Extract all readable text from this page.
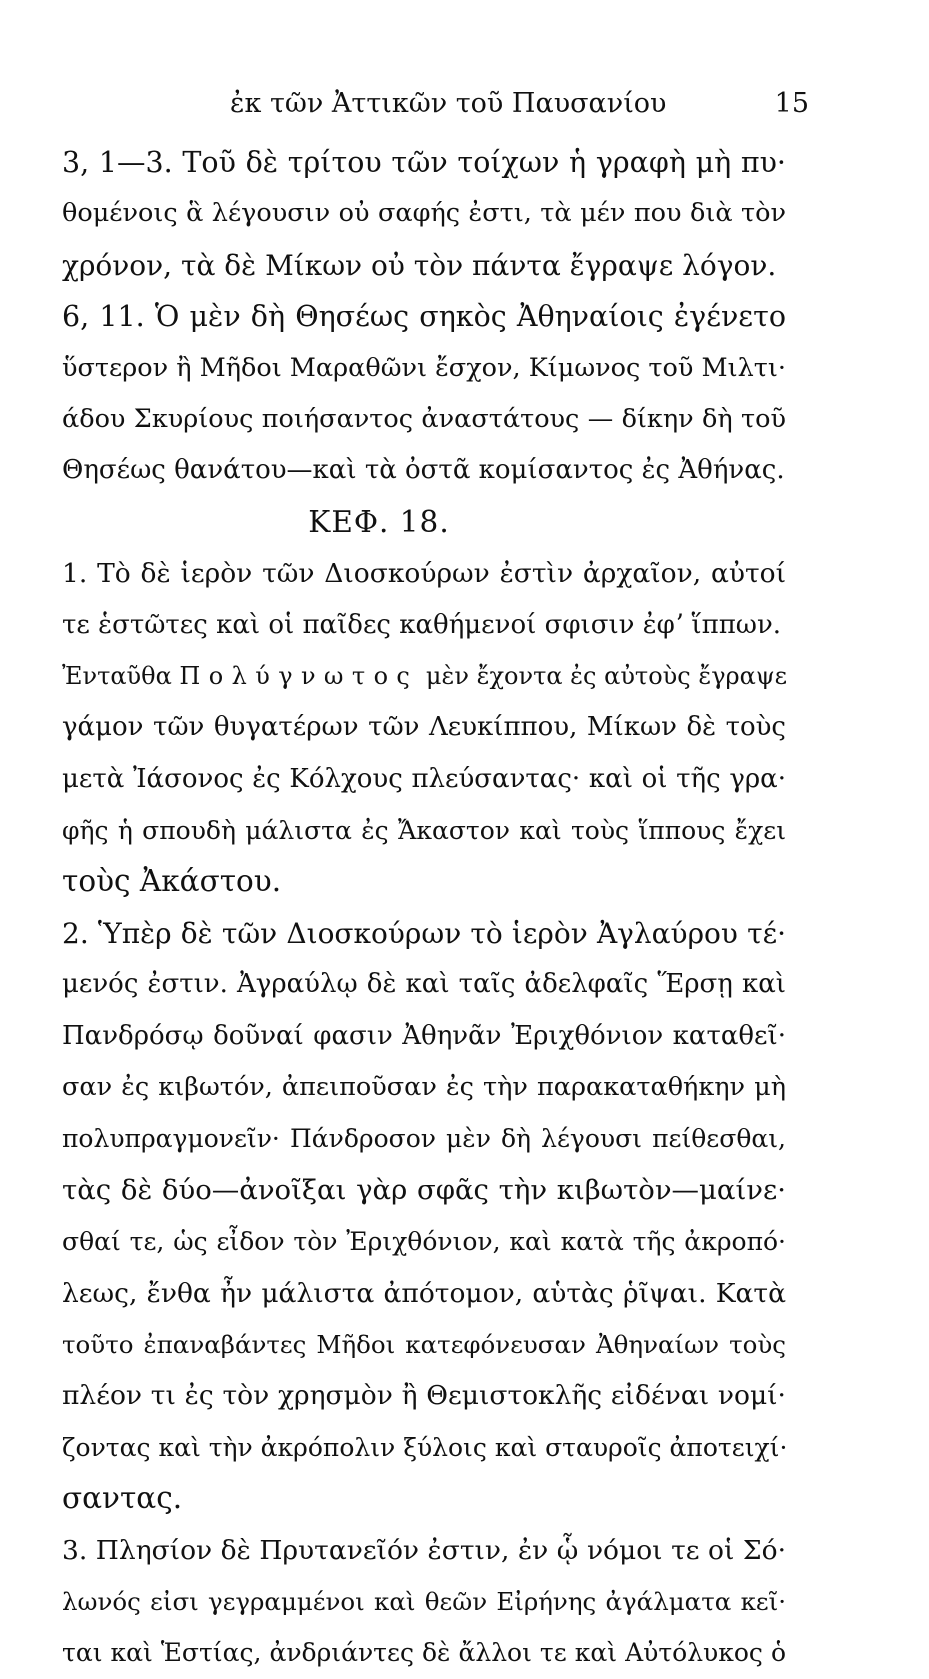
ἐκ τῶν Ἀττικῶν τοῦ Παυσανίου	15
3, 1—3. Τοῦ δὲ τρίτου τῶν τοίχων ἡ γραφὴ μὴ πυ·
θομένοις ἃ λέγουσιν οὐ σαφής ἐστι, τὰ μέν που διὰ τὸν
χρόνον, τὰ δὲ Μίκων οὐ τὸν πάντα ἔγραψε λόγον.
6, 11. Ὁ μὲν δὴ Θησέως σηκὸς Ἀθηναίοις ἐγένετο
ὕστερον ἢ Μῆδοι Μαραθῶνι ἔσχον, Κίμωνος τοῦ Μιλτι·
άδου Σκυρίους ποιήσαντος ἀναστάτους — δίκην δὴ τοῦ
Θησέως θανάτου—καὶ τὰ ὀστᾶ κομίσαντος ἐς Ἀθήνας.
ΚΕΦ. 18.
1. Τὸ δὲ ἱερὸν τῶν Διοσκούρων ἐστὶν ἀρχαῖον, αὐτοί
τε ἑστῶτες καὶ οἱ παῖδες καθήμενοί σφισιν ἐφʼ ἵππων.
Ἐνταῦθα Πολύγνωτος μὲν ἔχοντα ἐς αὐτοὺς ἔγραψε
γάμον τῶν θυγατέρων τῶν Λευκίππου, Μίκων δὲ τοὺς
μετὰ Ἰάσονος ἐς Κόλχους πλεύσαντας· καὶ οἱ τῆς γρα·
φῆς ἡ σπουδὴ μάλιστα ἐς Ἄκαστον καὶ τοὺς ἵππους ἔχει
τοὺς Ἀκάστου.
2. Ὑπὲρ δὲ τῶν Διοσκούρων τὸ ἱερὸν Ἀγλαύρου τέ·
μενός ἐστιν. Ἀγραύλῳ δὲ καὶ ταῖς ἀδελφαῖς Ἕρσῃ καὶ
Πανδρόσῳ δοῦναί φασιν Ἀθηνᾶν Ἐριχθόνιον καταθεῖ·
σαν ἐς κιβωτόν, ἀπειποῦσαν ἐς τὴν παρακαταθήκην μὴ
πολυπραγμονεῖν· Πάνδροσον μὲν δὴ λέγουσι πείθεσθαι,
τὰς δὲ δύο—ἀνοῖξαι γὰρ σφᾶς τὴν κιβωτὸν—μαίνε·
σθαί τε, ὡς εἶδον τὸν Ἐριχθόνιον, καὶ κατὰ τῆς ἀκροπό·
λεως, ἔνθα ἦν μάλιστα ἀπότομον, αὑτὰς ῥῖψαι. Κατὰ
τοῦτο ἐπαναβάντες Μῆδοι κατεφόνευσαν Ἀθηναίων τοὺς
πλέον τι ἐς τὸν χρησμὸν ἢ Θεμιστοκλῆς εἰδέναι νομί·
ζοντας καὶ τὴν ἀκρόπολιν ξύλοις καὶ σταυροῖς ἀποτειχί·
σαντας.
3. Πλησίον δὲ Πρυτανεῖόν ἐστιν, ἐν ᾧ νόμοι τε οἱ Σό·
λωνός εἰσι γεγραμμένοι καὶ θεῶν Εἰρήνης ἀγάλματα κεῖ·
ται καὶ Ἑστίας, ἀνδριάντες δὲ ἄλλοι τε καὶ Αὐτόλυκος ὁ
